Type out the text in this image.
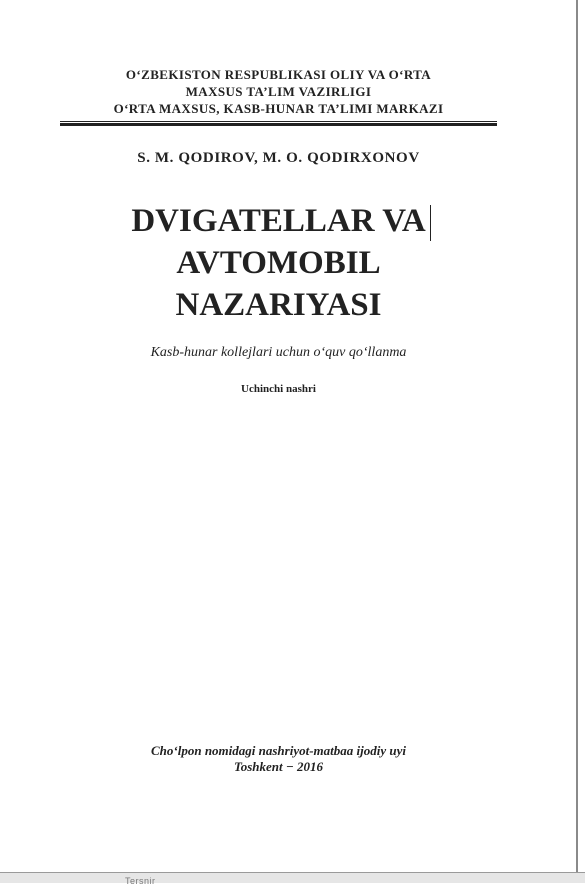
O‘ZBEKISTON RESPUBLIKASI OLIY VA O‘RTA
MAXSUS TA’LIM VAZIRLIGI
O‘RTA MAXSUS, KASB-HUNAR TA’LIMI MARKAZI
S. M. QODIROV, M. O. QODIRXONOV
DVIGATELLAR VA
AVTOMOBIL
NAZARIYASI
Kasb-hunar kollejlari uchun o‘quv qo‘llanma
Uchinchi nashri
Cho‘lpon nomidagi nashriyot-matbaa ijodiy uyi
Toshkent − 2016
Tersnir
